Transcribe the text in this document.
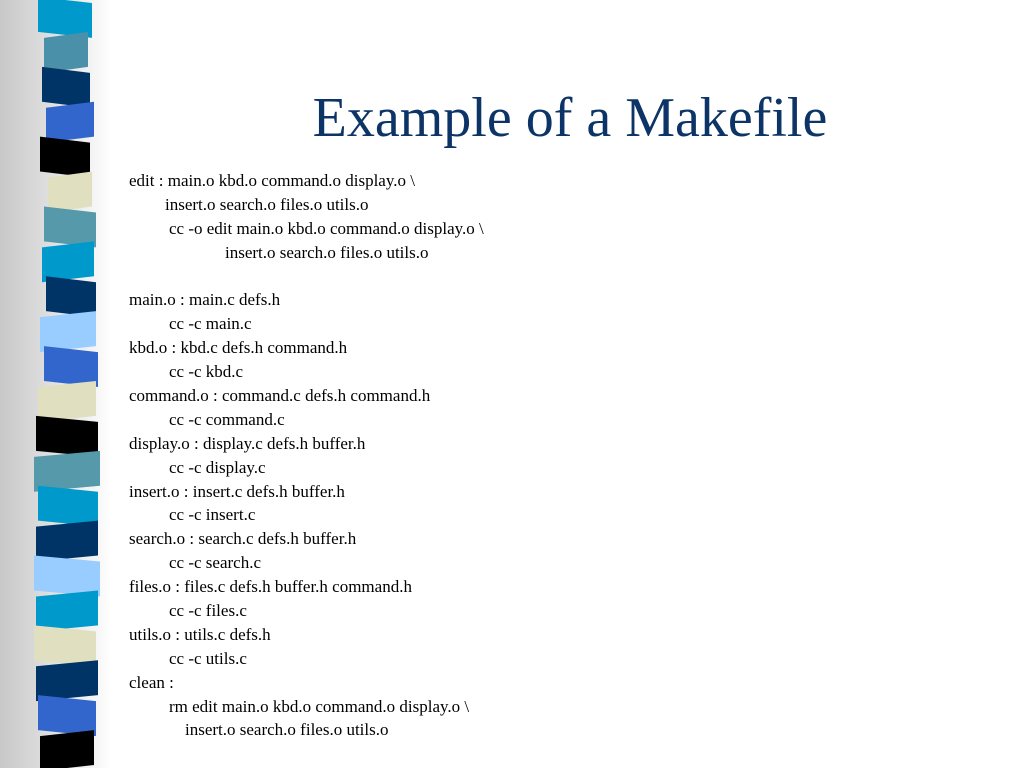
Example of a Makefile
edit : main.o kbd.o command.o display.o \
insert.o search.o files.o utils.o
cc -o edit main.o kbd.o command.o display.o \
insert.o search.o files.o utils.o
main.o : main.c defs.h
cc -c main.c
kbd.o : kbd.c defs.h command.h
cc -c kbd.c
command.o : command.c defs.h command.h
cc -c command.c
display.o : display.c defs.h buffer.h
cc -c display.c
insert.o : insert.c defs.h buffer.h
cc -c insert.c
search.o : search.c defs.h buffer.h
cc -c search.c
files.o : files.c defs.h buffer.h command.h
cc -c files.c
utils.o : utils.c defs.h
cc -c utils.c
clean :
rm edit main.o kbd.o command.o display.o \
insert.o search.o files.o utils.o
